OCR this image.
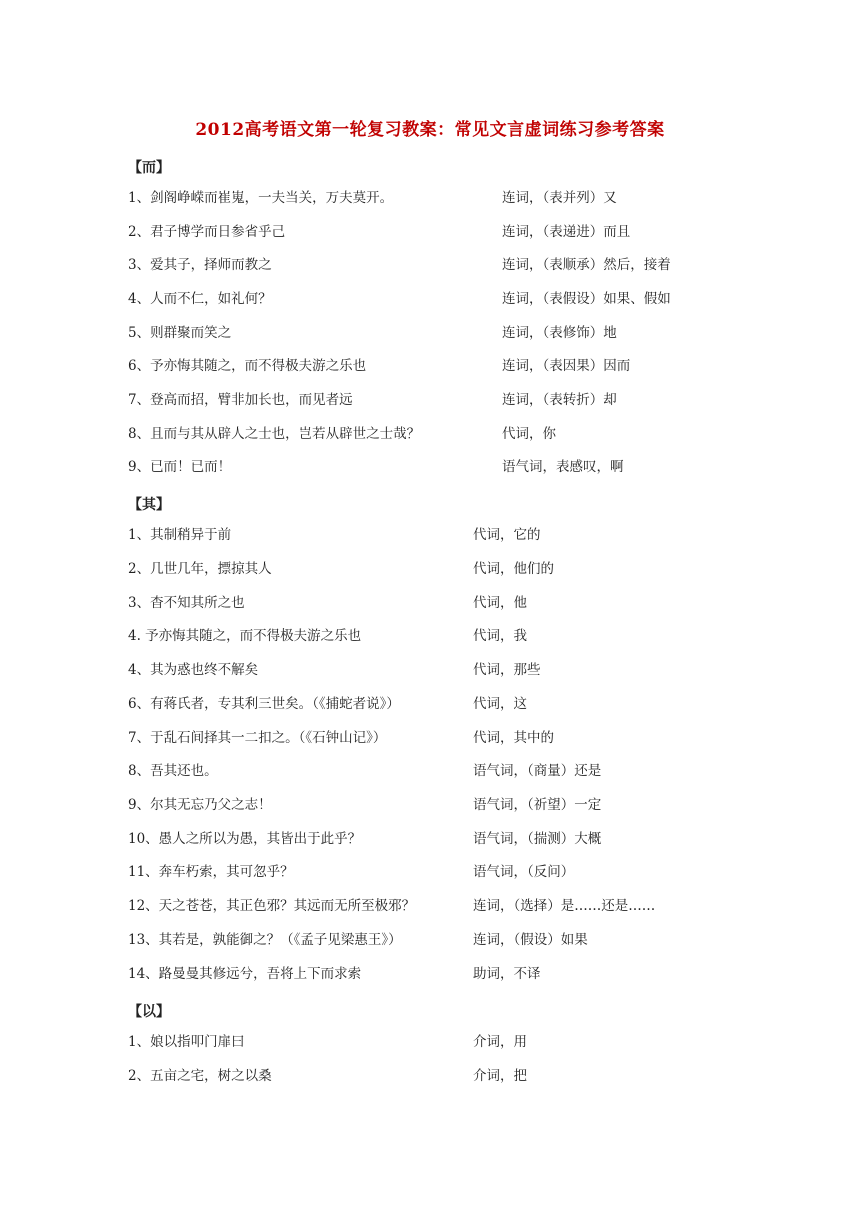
2012高考语文第一轮复习教案：常见文言虚词练习参考答案
【而】
1、剑阁峥嵘而崔嵬，一夫当关，万夫莫开。	连词，（表并列）又
2、君子博学而日参省乎己	连词，（表递进）而且
3、爱其子，择师而教之	连词，（表顺承）然后，接着
4、人而不仁，如礼何？	连词，（表假设）如果、假如
5、则群聚而笑之	连词，（表修饰）地
6、予亦悔其随之，而不得极夫游之乐也	连词，（表因果）因而
7、登高而招，臂非加长也，而见者远	连词，（表转折）却
8、且而与其从辟人之士也，岂若从辟世之士哉？	代词，你
9、已而！已而！	语气词，表感叹，啊
【其】
1、其制稍异于前	代词，它的
2、几世几年，摽掠其人	代词，他们的
3、杳不知其所之也	代词，他
4. 予亦悔其随之，而不得极夫游之乐也	代词，我
4、其为惑也终不解矣	代词，那些
6、有蒋氏者，专其利三世矣。（《捕蛇者说》）	代词，这
7、于乱石间择其一二扣之。（《石钟山记》）	代词，其中的
8、吾其还也。	语气词，（商量）还是
9、尔其无忘乃父之志！	语气词，（祈望）一定
10、愚人之所以为愚，其皆出于此乎？	语气词，（揣测）大概
11、奔车朽索，其可忽乎？	语气词，（反问）
12、天之苍苍，其正色邪？其远而无所至极邪？	连词，（选择）是……还是……
13、其若是，孰能御之？（《孟子见梁惠王》）	连词，（假设）如果
14、路曼曼其修远兮，吾将上下而求索	助词，不译
【以】
1、娘以指叩门扉曰	介词，用
2、五亩之宅，树之以桑	介词，把
